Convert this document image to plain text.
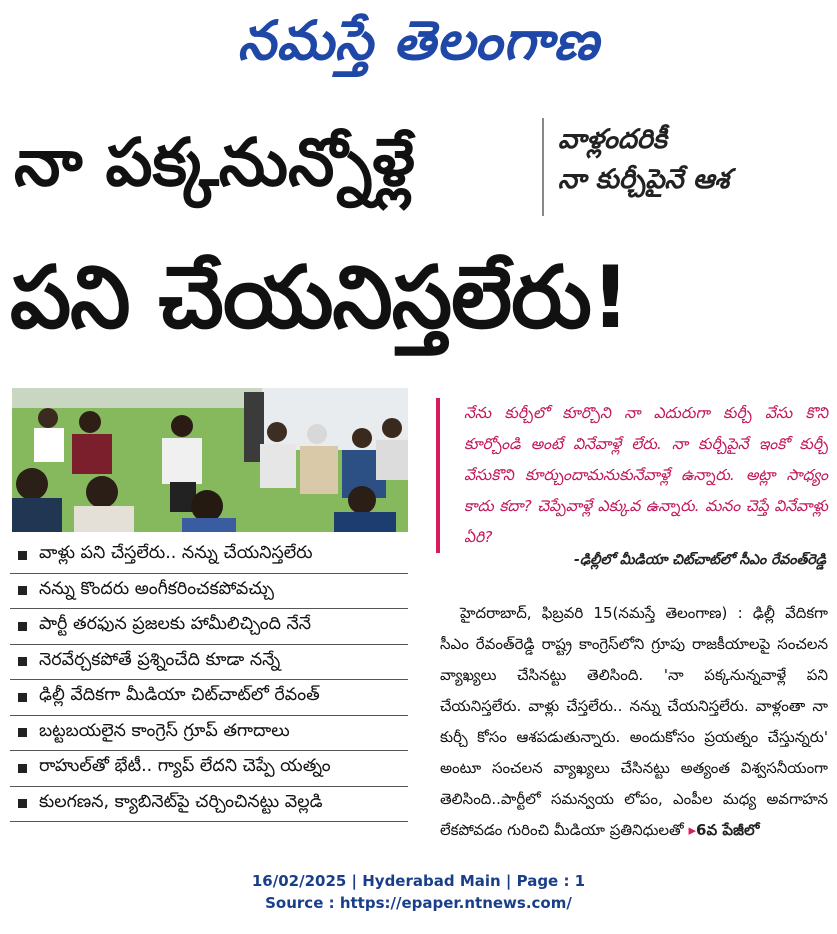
నమస్తే తెలంగాణ
నా పక్కనున్నోళ్లే	వాళ్లందరికీ
నా కుర్చీపైనే ఆశ
పని చేయనిస్తలేరు!
వాళ్లు పని చేస్తలేరు.. నన్ను చేయనిస్తలేరు
నన్ను కొందరు అంగీకరించకపోవచ్చు
పార్టీ తరఫున ప్రజలకు హామీలిచ్చింది నేనే
నెరవేర్చకపోతే ప్రశ్నించేది కూడా నన్నే
ఢిల్లీ వేదికగా మీడియా చిట్‌చాట్‌లో రేవంత్
బట్టబయలైన కాంగ్రెస్ గ్రూప్ తగాదాలు
రాహుల్‌తో భేటీ.. గ్యాప్ లేదని చెప్పే యత్నం
కులగణన, క్యాబినెట్‌పై చర్చించినట్టు వెల్లడి

నేను కుర్చీలో కూర్చొని నా ఎదురుగా కుర్చీ వేసు కొని కూర్చోండి అంటే వినేవాళ్లే లేరు. నా కుర్చీపైనే ఇంకో కుర్చీ వేసుకొని కూర్చుందామనుకునేవాళ్లే ఉన్నారు. అట్లా సాధ్యం కాదు కదా? చెప్పేవాళ్లే ఎక్కువ ఉన్నారు. మనం చెప్తే వినేవాళ్లు ఏరి?

-ఢిల్లీలో మీడియా చిట్‌చాట్‌లో సీఎం రేవంత్‌రెడ్డి

హైదరాబాద్, ఫిబ్రవరి 15(నమస్తే తెలంగాణ) : ఢిల్లీ వేదికగా సీఎం రేవంత్‌రెడ్డి రాష్ట్ర కాంగ్రెస్‌లోని గ్రూపు రాజకీయాలపై సంచలన వ్యాఖ్యలు చేసినట్టు తెలిసింది. 'నా పక్కనున్నవాళ్లే పని చేయనిస్తలేరు. వాళ్లు చేస్తలేరు.. నన్ను చేయనిస్తలేరు. వాళ్లంతా నా కుర్చీ కోసం ఆశపడుతున్నారు. అందుకోసం ప్రయత్నం చేస్తున్నరు' అంటూ సంచలన వ్యాఖ్యలు చేసినట్టు అత్యంత విశ్వసనీయంగా తెలిసింది..పార్టీలో సమన్వయ లోపం, ఎంపీల మధ్య అవగాహన లేకపోవడం గురించి మీడియా ప్రతినిధులతో ▸6వ పేజీలో

16/02/2025 | Hyderabad Main | Page : 1
Source : https://epaper.ntnews.com/
